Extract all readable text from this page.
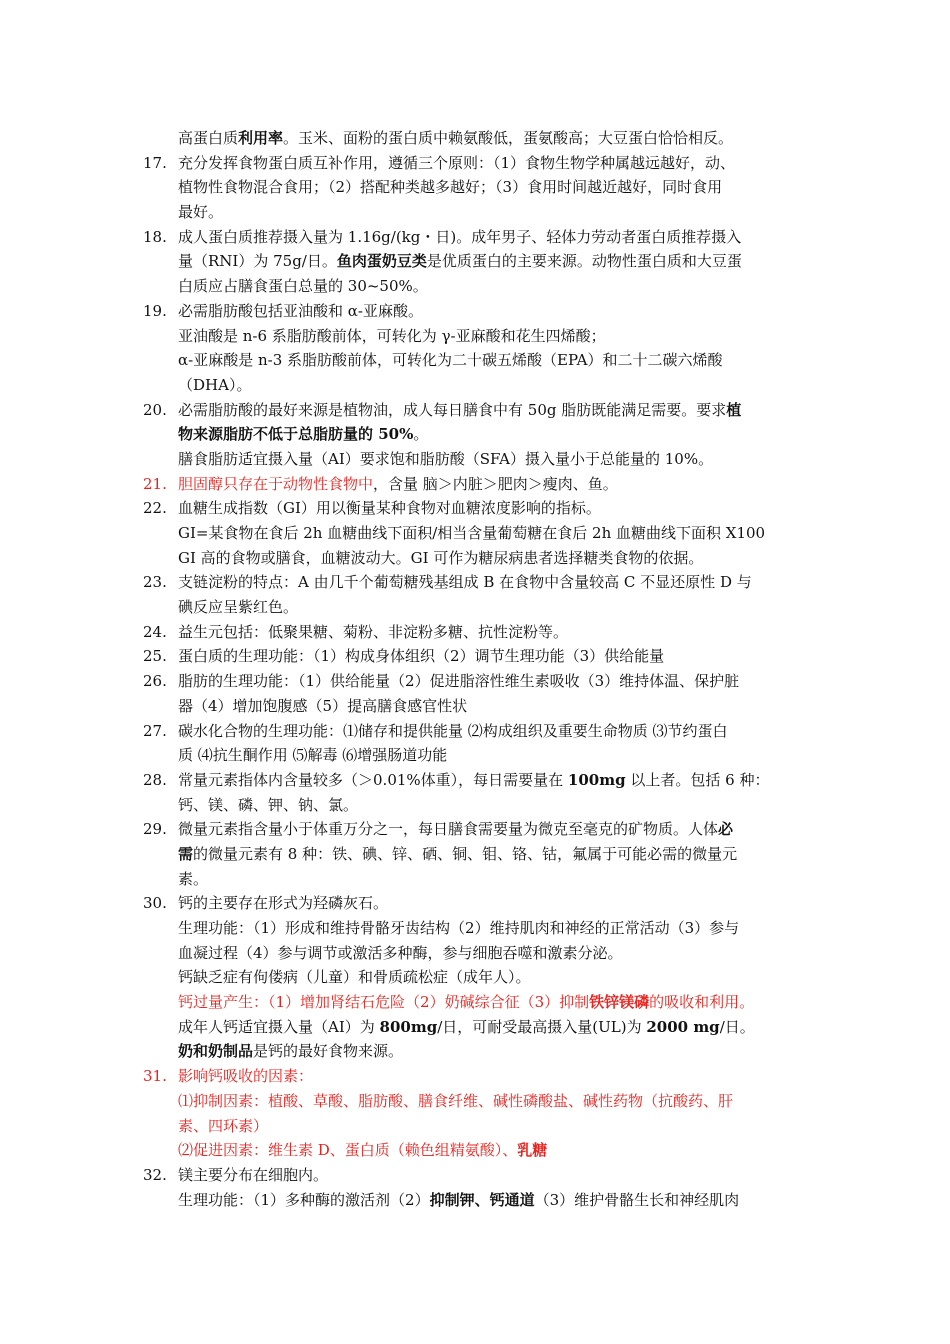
高蛋白质利用率。玉米、面粉的蛋白质中赖氨酸低，蛋氨酸高；大豆蛋白恰恰相反。
17. 充分发挥食物蛋白质互补作用，遵循三个原则：（1）食物生物学种属越远越好，动、
植物性食物混合食用；（2）搭配种类越多越好；（3）食用时间越近越好，同时食用
最好。
18. 成人蛋白质推荐摄入量为 1.16g/(kg・日)。成年男子、轻体力劳动者蛋白质推荐摄入
量（RNI）为 75g/日。鱼肉蛋奶豆类是优质蛋白的主要来源。动物性蛋白质和大豆蛋
白质应占膳食蛋白总量的 30~50%。
19. 必需脂肪酸包括亚油酸和 α-亚麻酸。
亚油酸是 n-6 系脂肪酸前体，可转化为 γ-亚麻酸和花生四烯酸；
α-亚麻酸是 n-3 系脂肪酸前体，可转化为二十碳五烯酸（EPA）和二十二碳六烯酸
（DHA）。
20. 必需脂肪酸的最好来源是植物油，成人每日膳食中有 50g 脂肪既能满足需要。要求植
物来源脂肪不低于总脂肪量的 50%。
膳食脂肪适宜摄入量（AI）要求饱和脂肪酸（SFA）摄入量小于总能量的 10%。
21. 胆固醇只存在于动物性食物中，含量 脑＞内脏＞肥肉＞瘦肉、鱼。
22. 血糖生成指数（GI）用以衡量某种食物对血糖浓度影响的指标。
GI=某食物在食后 2h 血糖曲线下面积/相当含量葡萄糖在食后 2h 血糖曲线下面积 X100
GI 高的食物或膳食，血糖波动大。GI 可作为糖尿病患者选择糖类食物的依据。
23. 支链淀粉的特点：A 由几千个葡萄糖残基组成 B 在食物中含量较高 C 不显还原性 D 与
碘反应呈紫红色。
24. 益生元包括：低聚果糖、菊粉、非淀粉多糖、抗性淀粉等。
25. 蛋白质的生理功能：（1）构成身体组织（2）调节生理功能（3）供给能量
26. 脂肪的生理功能：（1）供给能量（2）促进脂溶性维生素吸收（3）维持体温、保护脏
器（4）增加饱腹感（5）提高膳食感官性状
27. 碳水化合物的生理功能：⑴储存和提供能量 ⑵构成组织及重要生命物质 ⑶节约蛋白
质 ⑷抗生酮作用 ⑸解毒 ⑹增强肠道功能
28. 常量元素指体内含量较多（＞0.01%体重），每日需要量在 100mg 以上者。包括 6 种：
钙、镁、磷、钾、钠、氯。
29. 微量元素指含量小于体重万分之一，每日膳食需要量为微克至毫克的矿物质。人体必
需的微量元素有 8 种：铁、碘、锌、硒、铜、钼、铬、钴，氟属于可能必需的微量元
素。
30. 钙的主要存在形式为羟磷灰石。
生理功能：（1）形成和维持骨骼牙齿结构（2）维持肌肉和神经的正常活动（3）参与
血凝过程（4）参与调节或激活多种酶，参与细胞吞噬和激素分泌。
钙缺乏症有佝偻病（儿童）和骨质疏松症（成年人）。
钙过量产生：（1）增加肾结石危险（2）奶碱综合征（3）抑制铁锌镁磷的吸收和利用。
成年人钙适宜摄入量（AI）为 800mg/日，可耐受最高摄入量(UL)为 2000 mg/日。
奶和奶制品是钙的最好食物来源。
31. 影响钙吸收的因素：
⑴抑制因素：植酸、草酸、脂肪酸、膳食纤维、碱性磷酸盐、碱性药物（抗酸药、肝
素、四环素）
⑵促进因素：维生素 D、蛋白质（赖色组精氨酸）、乳糖
32. 镁主要分布在细胞内。
生理功能：（1）多种酶的激活剂（2）抑制钾、钙通道（3）维护骨骼生长和神经肌肉
